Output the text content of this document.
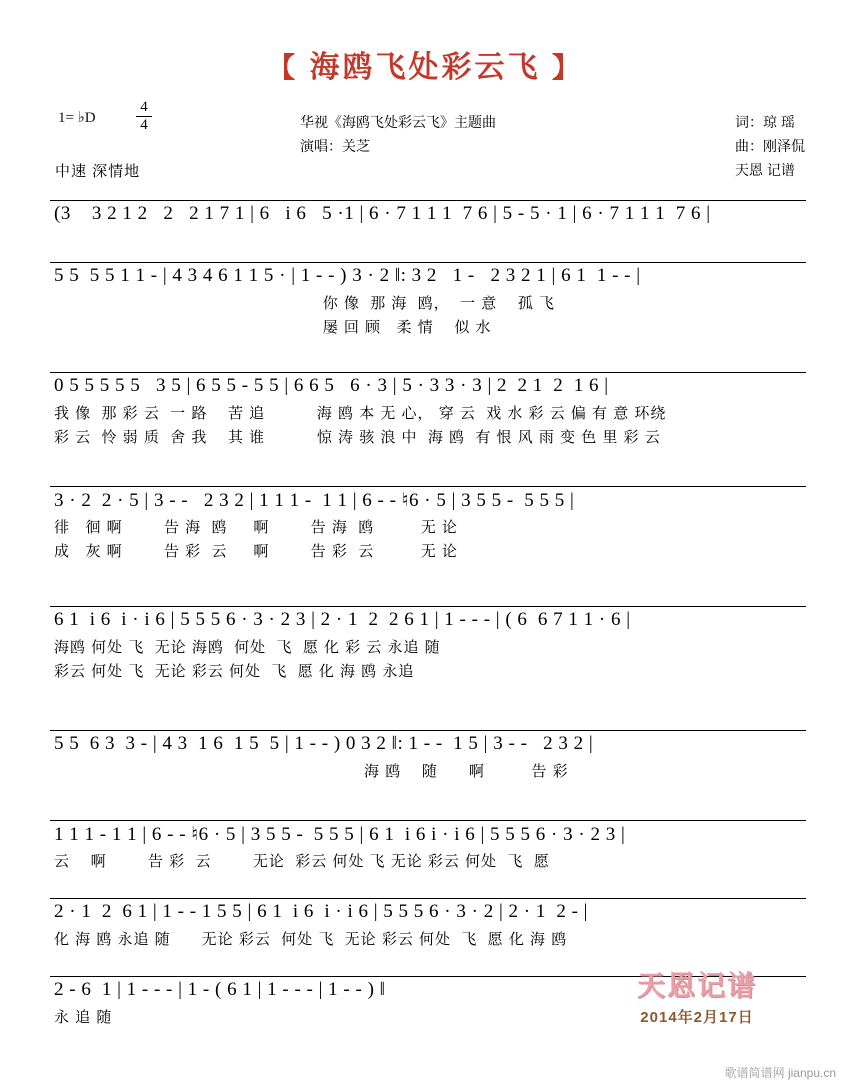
【 海鸥飞处彩云飞 】
1= ♭D
4
4
中速 深情地
华视《海鸥飞处彩云飞》主题曲
演唱：关芝
词：琼 瑶
曲：刚泽侃
天恩 记谱

(3    3 2 1 2   2   2 1 7 1 | 6   i 6   5 ·1 | 6 · 7 1 1 1  7 6 | 5 - 5 · 1 | 6 · 7 1 1 1  7 6 |

5 5  5 5 1 1 - | 4 3 4 6 1 1 5 · | 1 - - ) 3 · 2 ‖: 3 2   1 -   2 3 2 1 | 6 1  1 - - |

你 像  那 海  鸥，  一 意    孤 飞

屡 回 顾   柔 情    似 水

0 5 5 5 5 5   3 5 | 6 5 5 - 5 5 | 6 6 5   6 · 3 | 5 · 3 3 · 3 | 2  2 1  2  1 6 |

我 像  那 彩 云  一 路    苦 追          海 鸥 本 无 心， 穿 云  戏 水 彩 云 偏 有 意 环绕

彩 云  怜 弱 质  舍 我    其 谁          惊 涛 骇 浪 中  海 鸥  有 恨 风 雨 变 色 里 彩 云

3 · 2  2 · 5 | 3 - -   2 3 2 | 1 1 1 -  1 1 | 6 - - ♮6 · 5 | 3 5 5 -  5 5 5 |

徘   徊 啊        告 海  鸥     啊        告 海  鸥         无 论

成   灰 啊        告 彩  云     啊        告 彩  云         无 论

6 1  i 6  i · i 6 | 5 5 5 6 · 3 · 2 3 | 2 · 1  2  2 6 1 | 1 - - - | ( 6  6 7 1 1 · 6 |

海鸥 何处 飞  无论 海鸥  何处  飞  愿 化 彩 云 永追 随

彩云 何处 飞  无论 彩云 何处  飞  愿 化 海 鸥 永追

5 5  6 3  3 - | 4 3  1 6  1 5  5 | 1 - - ) 0 3 2 ‖: 1 - -  1 5 | 3 - -   2 3 2 |

海 鸥    随      啊         告 彩

1 1 1 - 1 1 | 6 - - ♮6 · 5 | 3 5 5 -  5 5 5 | 6 1  i 6 i · i 6 | 5 5 5 6 · 3 · 2 3 |

云    啊        告 彩  云        无论  彩云 何处 飞 无论 彩云 何处  飞  愿

2 · 1  2  6 1 | 1 - - 1 5 5 | 6 1  i 6  i · i 6 | 5 5 5 6 · 3 · 2 | 2 · 1  2 - |

化 海 鸥 永追 随      无论 彩云  何处 飞  无论 彩云 何处  飞  愿 化 海 鸥

2 - 6  1 | 1 - - - | 1 - ( 6 1 | 1 - - - | 1 - - ) ‖

永 追 随

天恩记谱
2014年2月17日
歌谱简谱网 jianpu.cn
